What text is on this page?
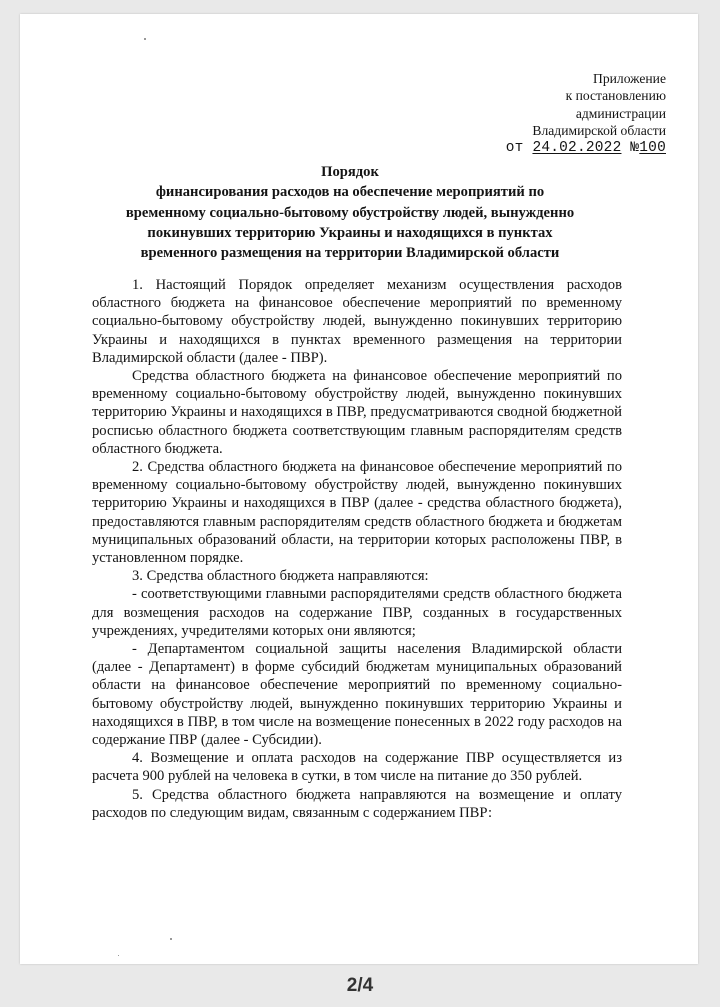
Приложение
к постановлению
администрации
Владимирской области
от 24.02.2022 №100
Порядок
финансирования расходов на обеспечение мероприятий по
временному социально-бытовому обустройству людей, вынужденно
покинувших территорию Украины и находящихся в пунктах
временного размещения на территории Владимирской области

1. Настоящий Порядок определяет механизм осуществления расходов областного бюджета на финансовое обеспечение мероприятий по временному социально-бытовому обустройству людей, вынужденно покинувших территорию Украины и находящихся в пунктах временного размещения на территории Владимирской области (далее - ПВР).

Средства областного бюджета на финансовое обеспечение мероприятий по временному социально-бытовому обустройству людей, вынужденно покинувших территорию Украины и находящихся в ПВР, предусматриваются сводной бюджетной росписью областного бюджета соответствующим главным распорядителям средств областного бюджета.

2. Средства областного бюджета на финансовое обеспечение мероприятий по временному социально-бытовому обустройству людей, вынужденно покинувших территорию Украины и находящихся в ПВР (далее - средства областного бюджета), предоставляются главным распорядителям средств областного бюджета и бюджетам муниципальных образований области, на территории которых расположены ПВР, в установленном порядке.

3. Средства областного бюджета направляются:

- соответствующими главными распорядителями средств областного бюджета для возмещения расходов на содержание ПВР, созданных в государственных учреждениях, учредителями которых они являются;

- Департаментом социальной защиты населения Владимирской области (далее - Департамент) в форме субсидий бюджетам муниципальных образований области на финансовое обеспечение мероприятий по временному социально-бытовому обустройству людей, вынужденно покинувших территорию Украины и находящихся в ПВР, в том числе на возмещение понесенных в 2022 году расходов на содержание ПВР (далее - Субсидии).

4. Возмещение и оплата расходов на содержание ПВР осуществляется из расчета 900 рублей на человека в сутки, в том числе на питание до 350 рублей.

5. Средства областного бюджета направляются на возмещение и оплату расходов по следующим видам, связанным с содержанием ПВР:

2/4
